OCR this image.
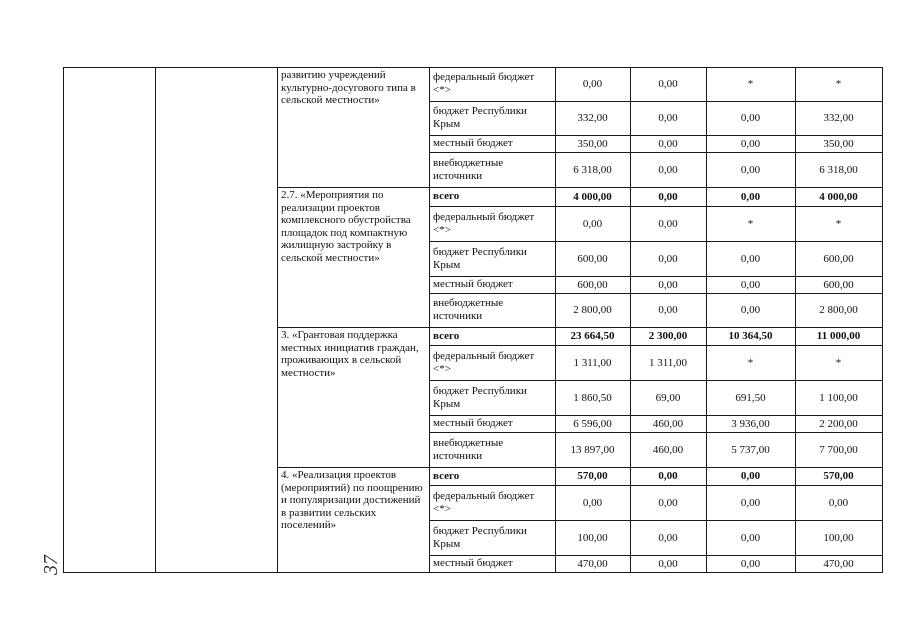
развитию учреждений культурно-досугового типа в сельской местности»
федеральный бюджет <*>	0,00	0,00	*	*
бюджет Республики Крым	332,00	0,00	0,00	332,00
местный бюджет	350,00	0,00	0,00	350,00
внебюджетные источники	6 318,00	0,00	0,00	6 318,00
2.7. «Мероприятия по реализации проектов комплексного обустройства площадок под компактную жилищную застройку в сельской местности»
всего	4 000,00	0,00	0,00	4 000,00
федеральный бюджет <*>	0,00	0,00	*	*
бюджет Республики Крым	600,00	0,00	0,00	600,00
местный бюджет	600,00	0,00	0,00	600,00
внебюджетные источники	2 800,00	0,00	0,00	2 800,00
3. «Грантовая поддержка местных инициатив граждан, проживающих в сельской местности»
всего	23 664,50	2 300,00	10 364,50	11 000,00
федеральный бюджет <*>	1 311,00	1 311,00	*	*
бюджет Республики Крым	1 860,50	69,00	691,50	1 100,00
местный бюджет	6 596,00	460,00	3 936,00	2 200,00
внебюджетные источники	13 897,00	460,00	5 737,00	7 700,00
4. «Реализация проектов (мероприятий) по поощрению и популяризации достижений в развитии сельских поселений»
всего	570,00	0,00	0,00	570,00
федеральный бюджет <*>	0,00	0,00	0,00	0,00
бюджет Республики Крым	100,00	0,00	0,00	100,00
местный бюджет	470,00	0,00	0,00	470,00
37
